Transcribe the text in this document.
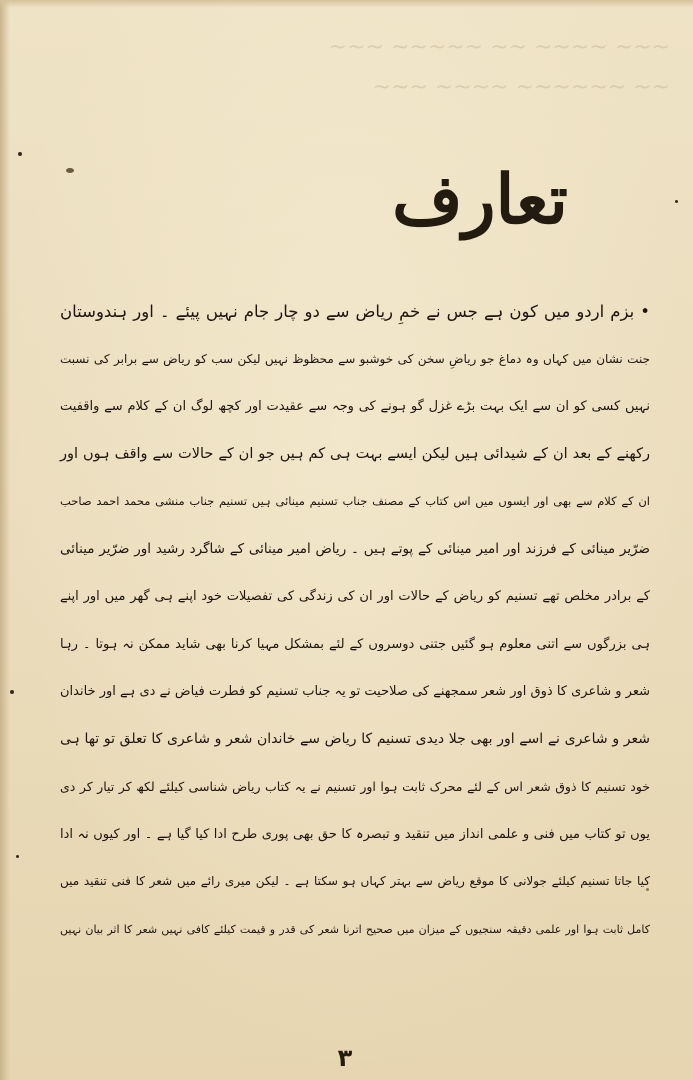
~~~ ~~~~ ~~ ~~~~~ ~~~
~~ ~~~~~~ ~~~~ ~~~
تعارف
• بزم اردو میں کون ہے جس نے خمِ ریاض سے دو چار جام نہیں پیئے ۔ اور ہندوستان
جنت نشان میں کہاں وہ دماغ جو ریاضِ سخن کی خوشبو سے محظوظ نہیں لیکن سب کو ریاض سے برابر کی نسبت
نہیں کسی کو ان سے ایک بہت بڑے غزل گو ہونے کی وجہ سے عقیدت اور کچھ لوگ ان کے کلام سے واقفیت
رکھنے کے بعد ان کے شیدائی ہیں لیکن ایسے بہت ہی کم ہیں جو ان کے حالات سے واقف ہوں اور
ان کے کلام سے بھی اور ایسوں میں اس کتاب کے مصنف جناب تسنیم مینائی ہیں تسنیم جناب منشی محمد احمد صاحب
ضرّیر مینائی کے فرزند اور امیر مینائی کے پوتے ہیں ۔ ریاض امیر مینائی کے شاگرد رشید اور ضرّیر مینائی
کے برادر مخلص تھے تسنیم کو ریاض کے حالات اور ان کی زندگی کی تفصیلات خود اپنے ہی گھر میں اور اپنے
ہی بزرگوں سے اتنی معلوم ہو گئیں جتنی دوسروں کے لئے بمشکل مہیا کرنا بھی شاید ممکن نہ ہوتا ۔ رہا
شعر و شاعری کا ذوق اور شعر سمجھنے کی صلاحیت تو یہ جناب تسنیم کو فطرت فیاض نے دی ہے اور خاندان
شعر و شاعری نے اسے اور بھی جلا دیدی تسنیم کا ریاض سے خاندان شعر و شاعری کا تعلق تو تھا ہی
خود تسنیم کا ذوق شعر اس کے لئے محرک ثابت ہوا اور تسنیم نے یہ کتاب ریاض شناسی کیلئے لکھ کر تیار کر دی
یوں تو کتاب میں فنی و علمی انداز میں تنقید و تبصرہ کا حق بھی پوری طرح ادا کیا گیا ہے ۔ اور کیوں نہ ادا
کیا جاتا تسنیم کیلئے جولانی کا موقع ریاض سے بہتر کہاں ہو سکتا ہے ۔ لیکن میری رائے میں شعر کا فنی تنقید میں
کامل ثابت ہوا اور علمی دقیقہ سنجیوں کے میزان میں صحیح اترنا شعر کی قدر و قیمت کیلئے کافی نہیں شعر کا اثر بیان نہیں
۳
